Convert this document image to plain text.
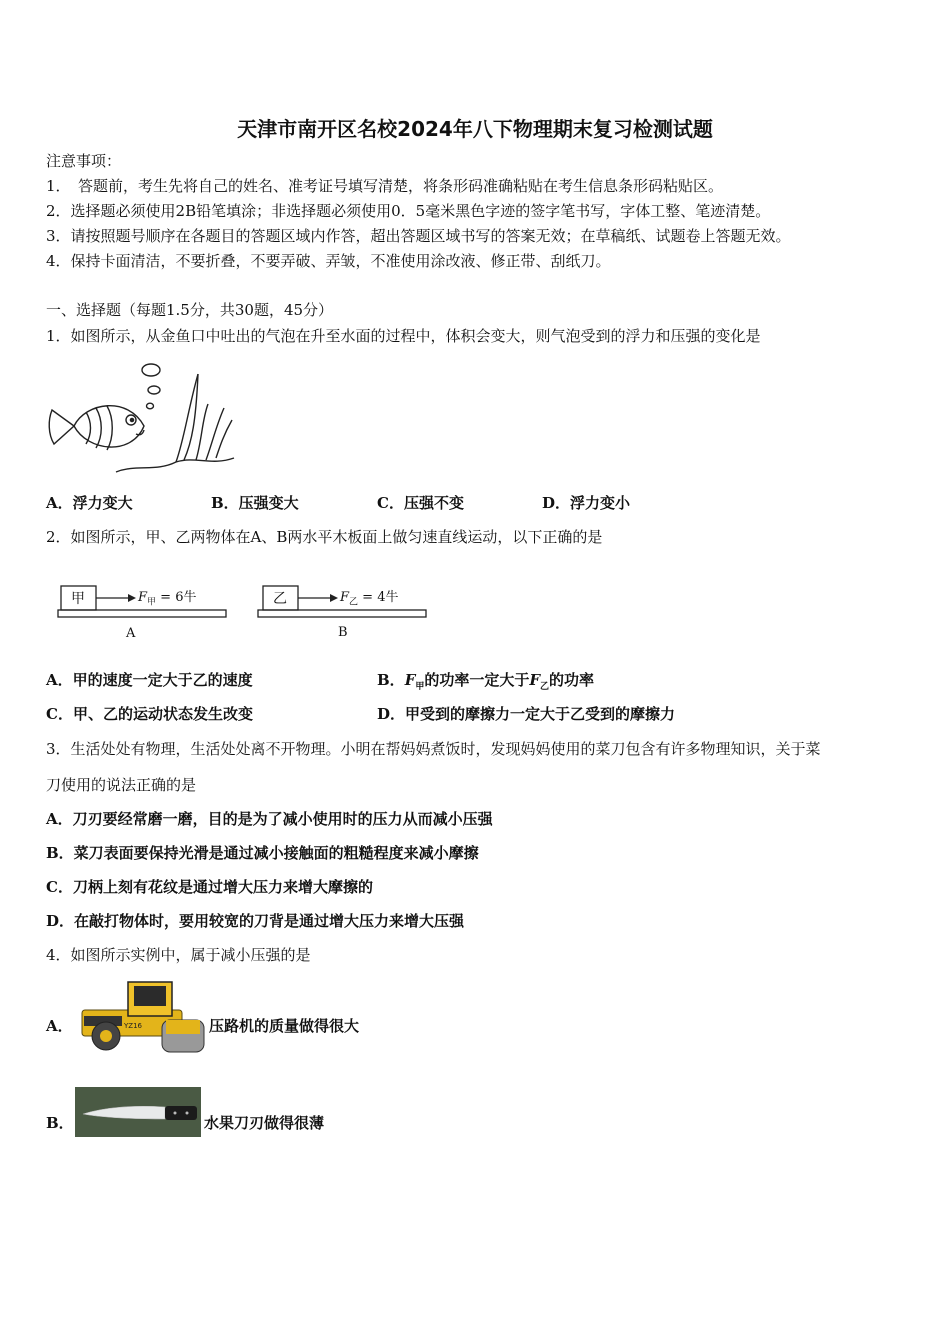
天津市南开区名校2024年八下物理期末复习检测试题
注意事项：
1．　答题前，考生先将自己的姓名、准考证号填写清楚，将条形码准确粘贴在考生信息条形码粘贴区。
2．选择题必须使用2B铅笔填涂；非选择题必须使用0．5毫米黑色字迹的签字笔书写，字体工整、笔迹清楚。
3．请按照题号顺序在各题目的答题区域内作答，超出答题区域书写的答案无效；在草稿纸、试题卷上答题无效。
4．保持卡面清洁，不要折叠，不要弄破、弄皱，不准使用涂改液、修正带、刮纸刀。
一、选择题（每题1.5分，共30题，45分）
1．如图所示，从金鱼口中吐出的气泡在升至水面的过程中，体积会变大，则气泡受到的浮力和压强的变化是
A．浮力变大	B．压强变大	C．压强不变	D．浮力变小
2．如图所示，甲、乙两物体在A、B两水平木板面上做匀速直线运动，以下正确的是
甲	$F_甲 = 6$牛
A
乙	$F_乙 = 4$牛
B
A．甲的速度一定大于乙的速度	B．$F_甲$的功率一定大于$F_乙$的功率
C．甲、乙的运动状态发生改变	D．甲受到的摩擦力一定大于乙受到的摩擦力
3．生活处处有物理，生活处处离不开物理。小明在帮妈妈煮饭时，发现妈妈使用的菜刀包含有许多物理知识，关于菜
刀使用的说法正确的是
A．刀刃要经常磨一磨，目的是为了减小使用时的压力从而减小压强
B．菜刀表面要保持光滑是通过减小接触面的粗糙程度来减小摩擦
C．刀柄上刻有花纹是通过增大压力来增大摩擦的
D．在敲打物体时，要用较宽的刀背是通过增大压力来增大压强
4．如图所示实例中，属于减小压强的是
A．	YZ16	压路机的质量做得很大
B．	水果刀刃做得很薄
